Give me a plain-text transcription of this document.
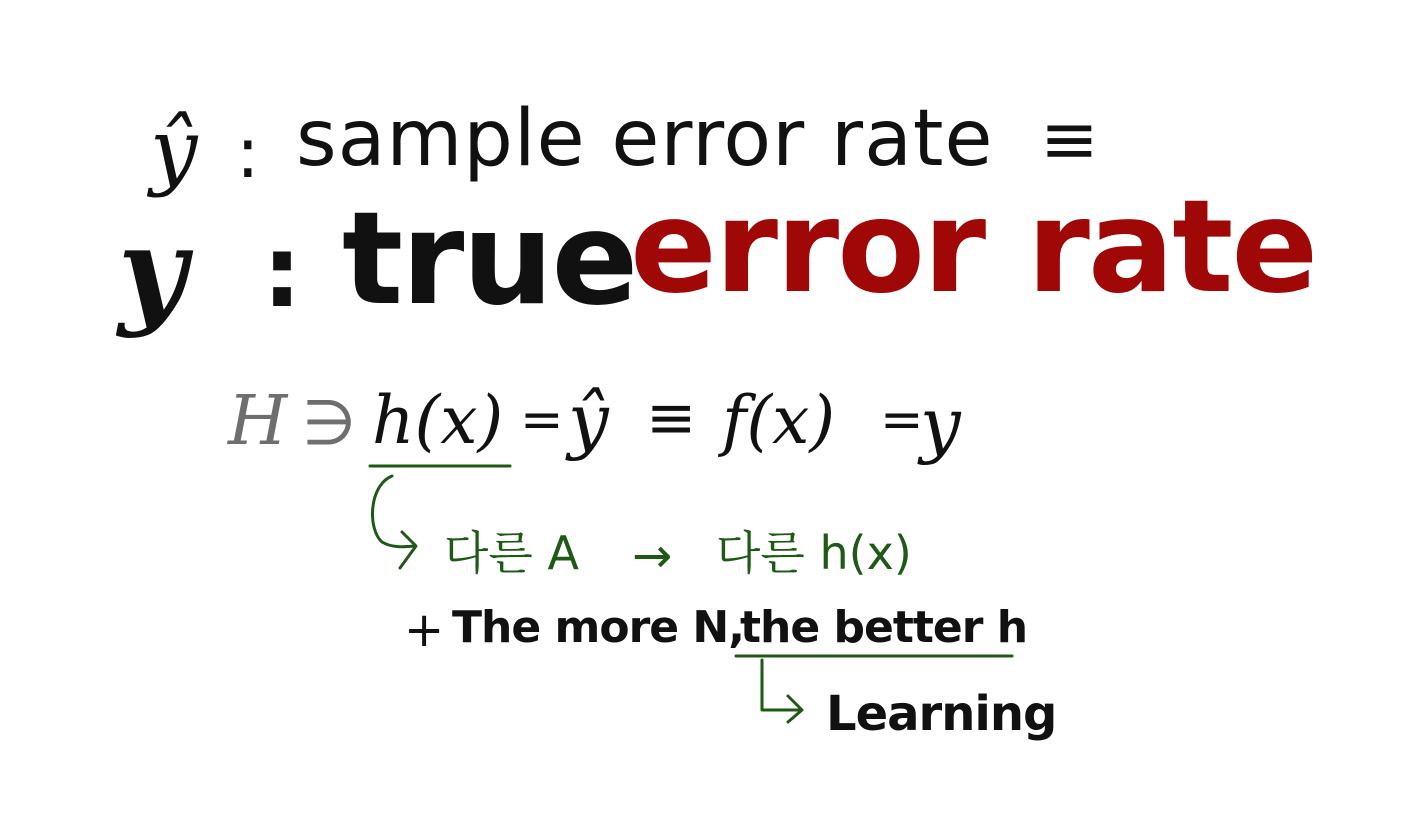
ŷ : sample error rate ≡
y : true
error rate
H ∋ h(x) = ŷ ≡ f(x) =
y
다른 A → 다른 h(x)
+ The more N,
the better h
Learning
